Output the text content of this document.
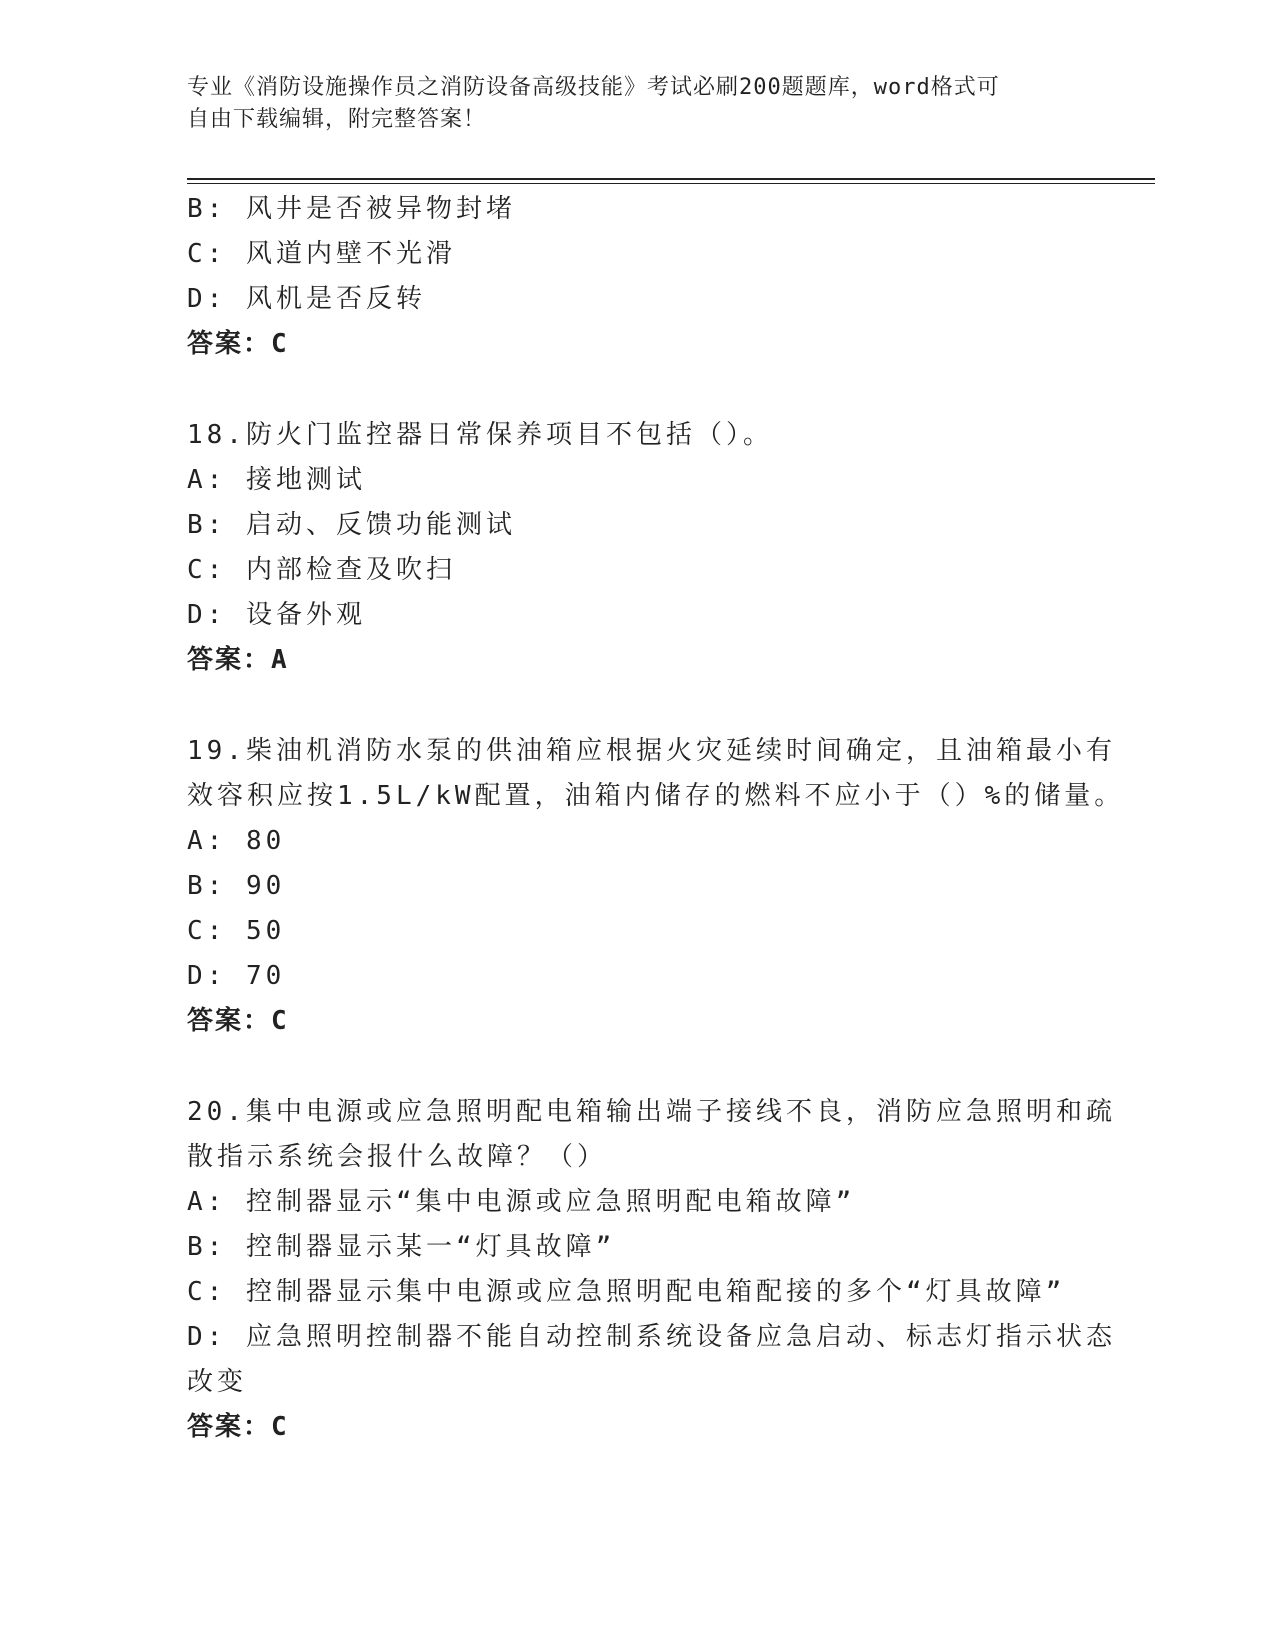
专业《消防设施操作员之消防设备高级技能》考试必刷200题题库，word格式可
自由下载编辑，附完整答案！
B: 风井是否被异物封堵
C: 风道内壁不光滑
D: 风机是否反转
答案：C
18.防火门监控器日常保养项目不包括（）。
A: 接地测试
B: 启动、反馈功能测试
C: 内部检查及吹扫
D: 设备外观
答案：A
19.柴油机消防水泵的供油箱应根据火灾延续时间确定，且油箱最小有
效容积应按1.5L/kW配置，油箱内储存的燃料不应小于（）%的储量。
A: 80
B: 90
C: 50
D: 70
答案：C
20.集中电源或应急照明配电箱输出端子接线不良，消防应急照明和疏
散指示系统会报什么故障？（）
A: 控制器显示“集中电源或应急照明配电箱故障”
B: 控制器显示某一“灯具故障”
C: 控制器显示集中电源或应急照明配电箱配接的多个“灯具故障”
D: 应急照明控制器不能自动控制系统设备应急启动、标志灯指示状态
改变
答案：C
